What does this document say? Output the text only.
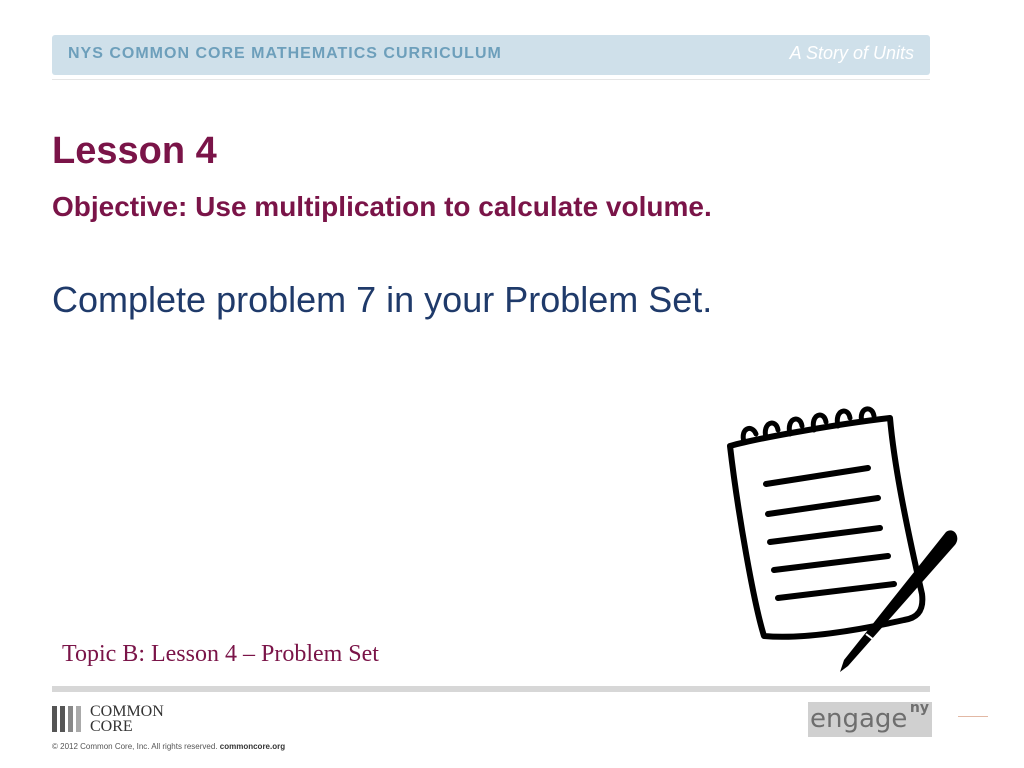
NYS COMMON CORE MATHEMATICS CURRICULUM	A Story of Units
Lesson 4
Objective: Use multiplication to calculate volume.
Complete problem 7 in your Problem Set.
Topic B: Lesson 4 – Problem Set
COMMON
CORE
© 2012 Common Core, Inc. All rights reserved. commoncore.org
engage ny
